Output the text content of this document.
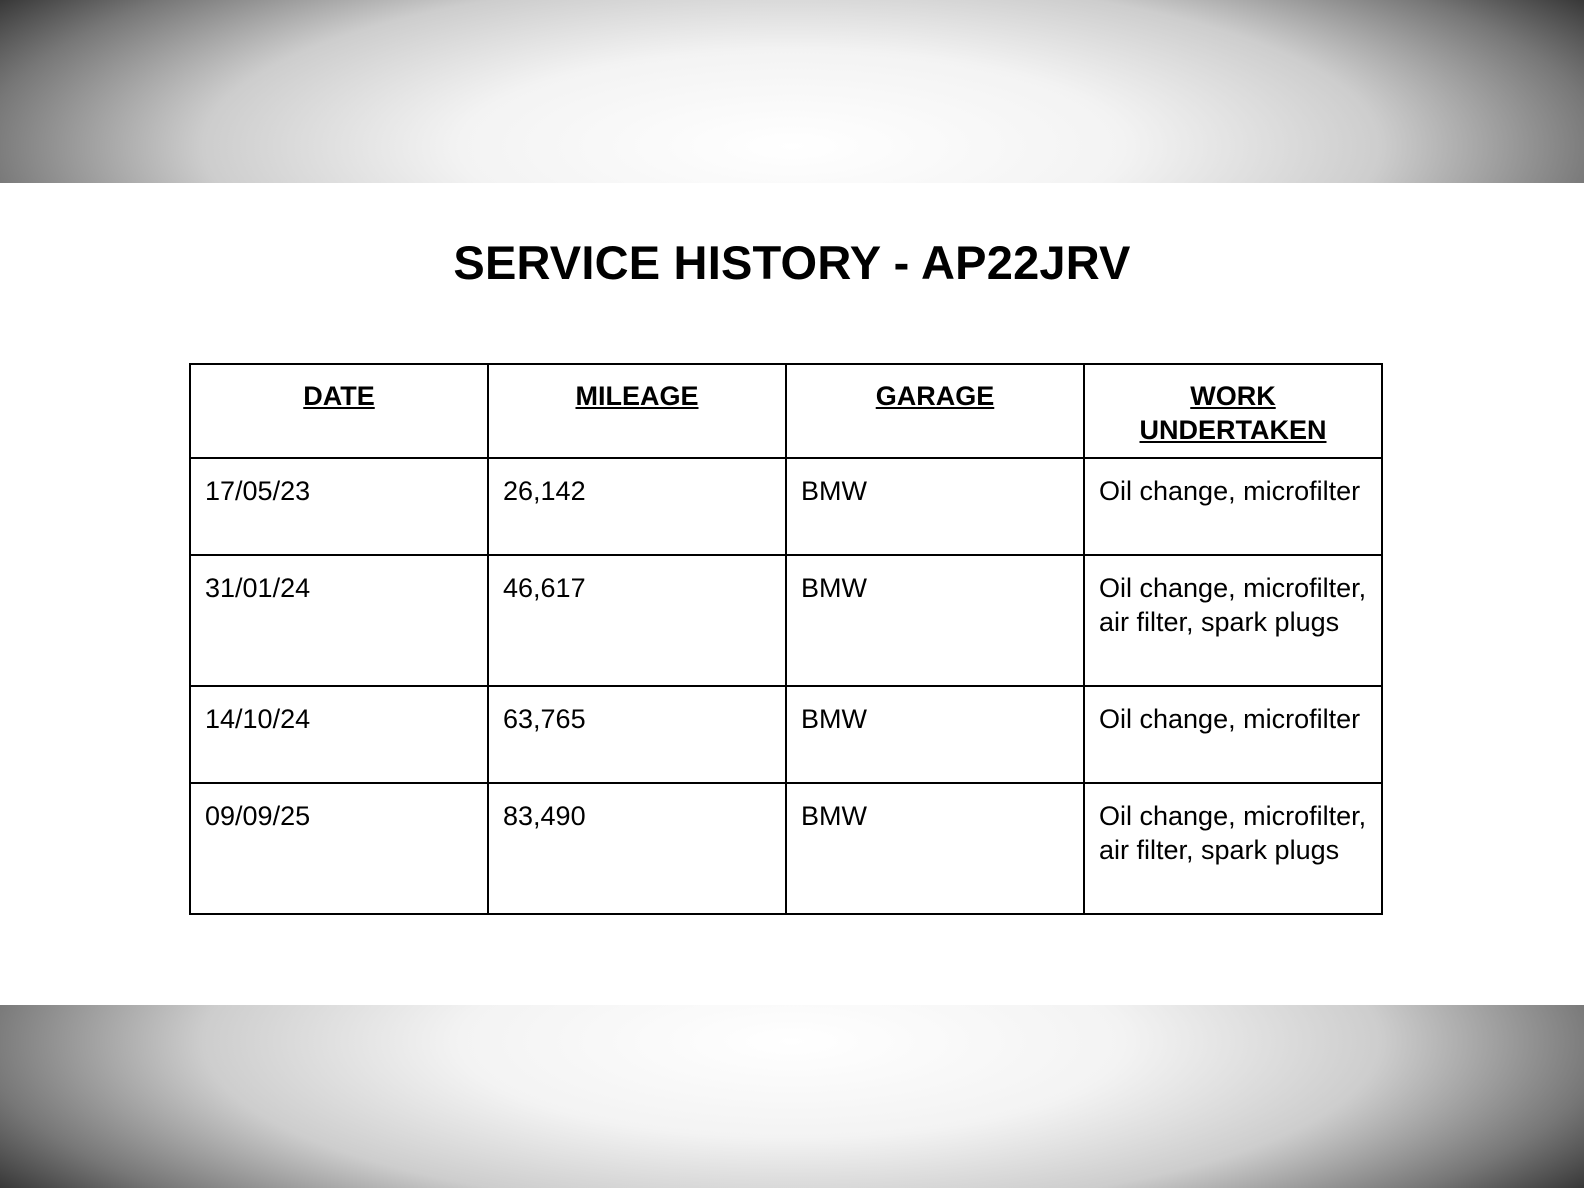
SERVICE HISTORY - AP22JRV
DATE	MILEAGE	GARAGE	WORK UNDERTAKEN
17/05/23	26,142	BMW	Oil change, microfilter
31/01/24	46,617	BMW	Oil change, microfilter, air filter, spark plugs
14/10/24	63,765	BMW	Oil change, microfilter
09/09/25	83,490	BMW	Oil change, microfilter, air filter, spark plugs
